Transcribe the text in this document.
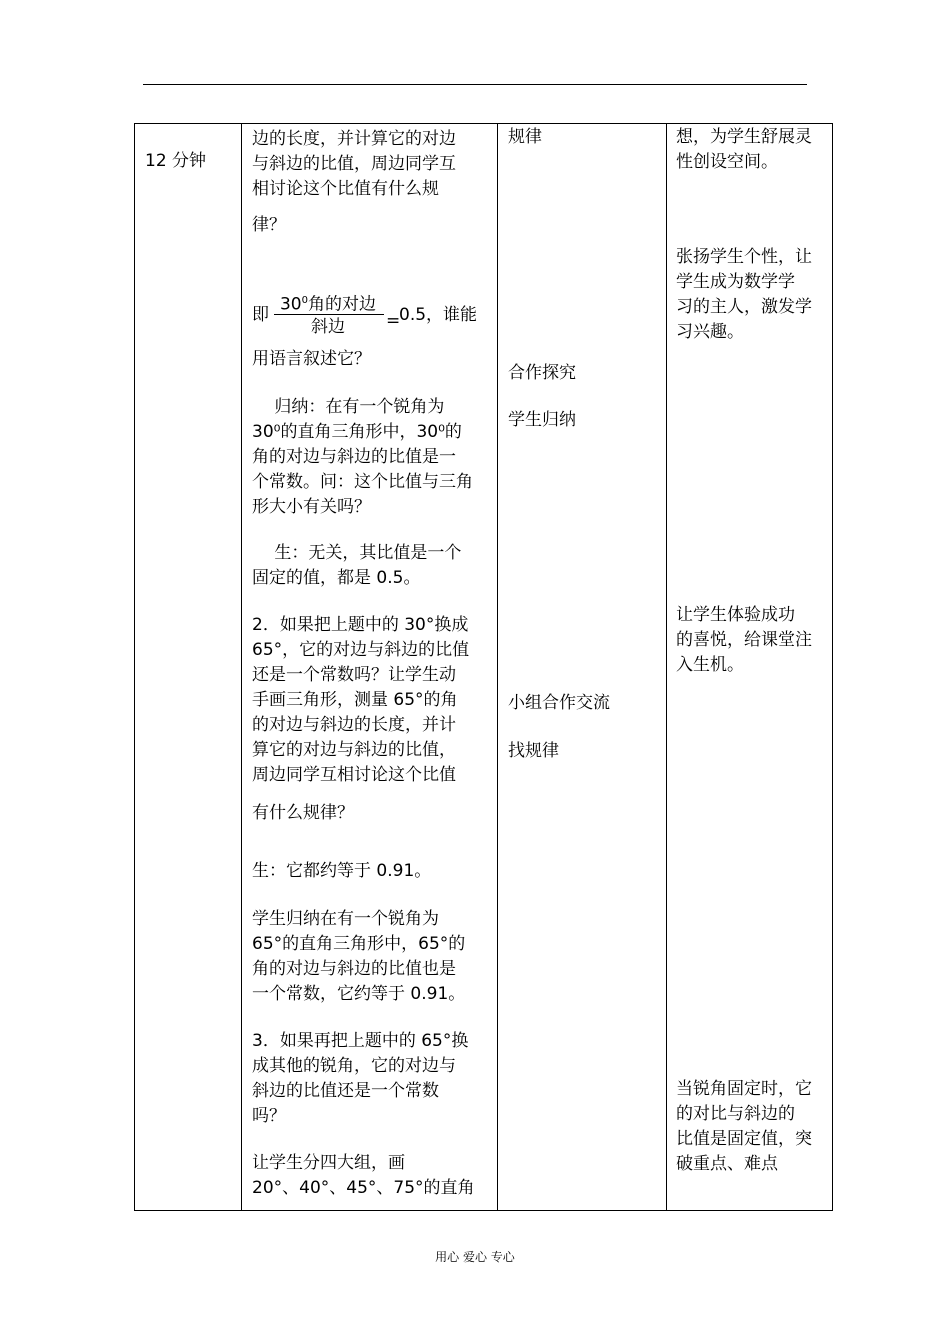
12 分钟
边的长度，并计算它的对边
与斜边的比值，周边同学互
相讨论这个比值有什么规
律？
即
$30^0$角的对边
斜边	=
0.5，谁能
用语言叙述它？
　 归纳：在有一个锐角为
30⁰的直角三角形中，30⁰的
角的对边与斜边的比值是一
个常数。问：这个比值与三角
形大小有关吗？
　 生：无关，其比值是一个
固定的值，都是 0.5。
2．如果把上题中的 30°换成
65°，它的对边与斜边的比值
还是一个常数吗？让学生动
手画三角形，测量 65°的角
的对边与斜边的长度，并计
算它的对边与斜边的比值，
周边同学互相讨论这个比值
有什么规律？
生：它都约等于 0.91。
学生归纳在有一个锐角为
65°的直角三角形中，65°的
角的对边与斜边的比值也是
一个常数，它约等于 0.91。
3．如果再把上题中的 65°换
成其他的锐角，它的对边与
斜边的比值还是一个常数
吗？
让学生分四大组，画
20°、40°、45°、75°的直角
规律
合作探究
学生归纳
小组合作交流
找规律
想，为学生舒展灵
性创设空间。
张扬学生个性，让
学生成为数学学
习的主人，激发学
习兴趣。
让学生体验成功
的喜悦，给课堂注
入生机。
当锐角固定时，它
的对比与斜边的
比值是固定值，突
破重点、难点
用心 爱心 专心
